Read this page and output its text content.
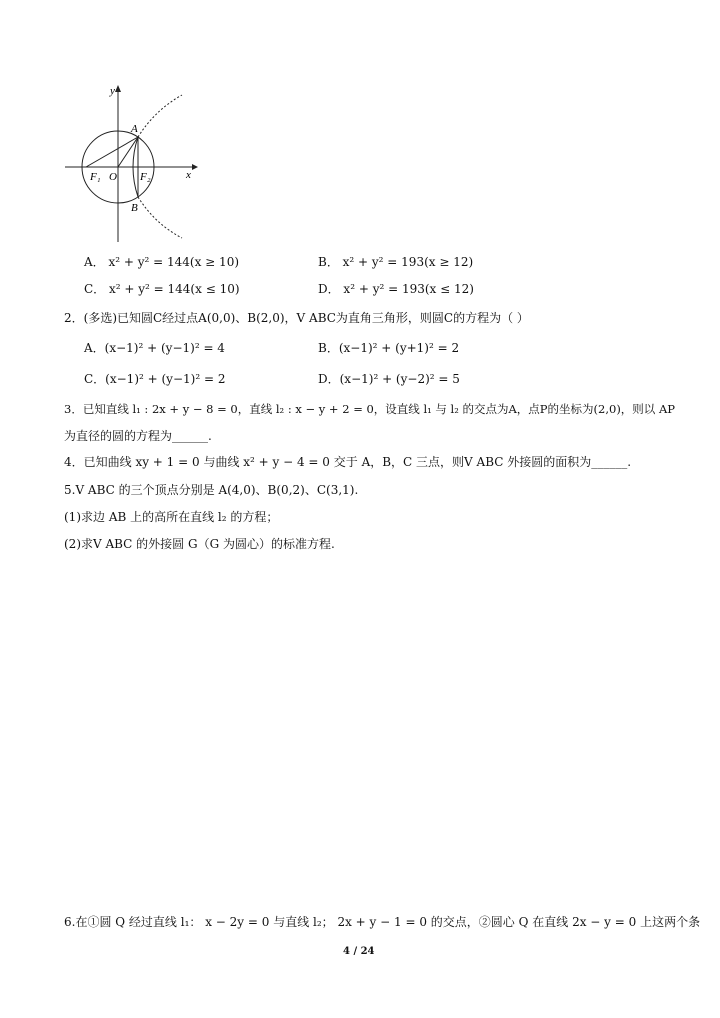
y
x
A
B
F₁ O F₂
A． x² + y² = 144(x ≥ 10)	B． x² + y² = 193(x ≥ 12)
C． x² + y² = 144(x ≤ 10)	D． x² + y² = 193(x ≤ 12)
2．(多选)已知圆C经过点A(0,0)、B(2,0)，V ABC为直角三角形，则圆C的方程为（ ）
A．(x−1)² + (y−1)² = 4	B．(x−1)² + (y+1)² = 2
C．(x−1)² + (y−1)² = 2	D．(x−1)² + (y−2)² = 5
3．已知直线 l₁ : 2x + y − 8 = 0，直线 l₂ : x − y + 2 = 0，设直线 l₁ 与 l₂ 的交点为A，点P的坐标为(2,0)，则以 AP
为直径的圆的方程为______.
4．已知曲线 xy + 1 = 0 与曲线 x² + y − 4 = 0 交于 A，B，C 三点，则V ABC 外接圆的面积为______.
5.V ABC 的三个顶点分别是 A(4,0)、B(0,2)、C(3,1).
(1)求边 AB 上的高所在直线 l₂ 的方程；
(2)求V ABC 的外接圆 G（G 为圆心）的标准方程.
6.在①圆 Q 经过直线 l₁： x − 2y = 0 与直线 l₂； 2x + y − 1 = 0 的交点，②圆心 Q 在直线 2x − y = 0 上这两个条
4 / 24
